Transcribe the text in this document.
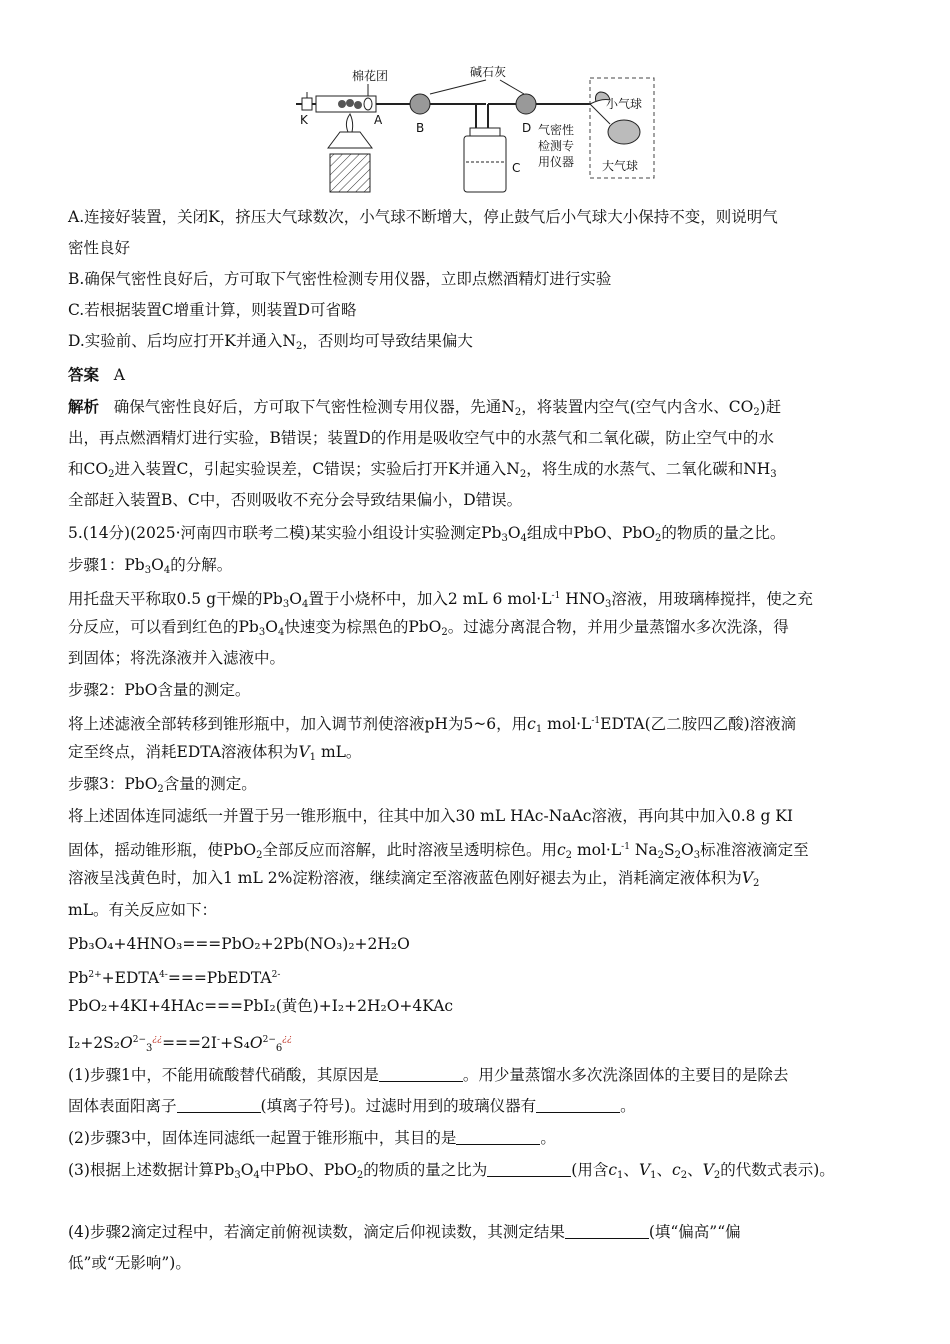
K
棉花团
A
B
C
碱石灰
D 气密性
检测专
用仪器
小气球
大气球
A.连接好装置，关闭K，挤压大气球数次，小气球不断增大，停止鼓气后小气球大小保持不变，则说明气
密性良好
B.确保气密性良好后，方可取下气密性检测专用仪器，立即点燃酒精灯进行实验
C.若根据装置C增重计算，则装置D可省略
D.实验前、后均应打开K并通入$N_2$，否则均可导致结果偏大
答案 A
解析 确保气密性良好后，方可取下气密性检测专用仪器，先通$N_2$，将装置内空气(空气内含水、$CO_2$)赶
出，再点燃酒精灯进行实验，B错误；装置D的作用是吸收空气中的水蒸气和二氧化碳，防止空气中的水
和$CO_2$进入装置C，引起实验误差，C错误；实验后打开K并通入$N_2$，将生成的水蒸气、二氧化碳和$NH_3$
全部赶入装置B、C中，否则吸收不充分会导致结果偏小，D错误。
5.(14分)(2025·河南四市联考二模)某实验小组设计实验测定$Pb_3O_4$组成中PbO、PbO$_2$的物质的量之比。
步骤1：$Pb_3O_4$的分解。
用托盘天平称取0.5 g干燥的$Pb_3O_4$置于小烧杯中，加入2 mL 6 $mol\cdot L^{-1}$ $HNO_3$溶液，用玻璃棒搅拌，使之充
分反应，可以看到红色的$Pb_3O_4$快速变为棕黑色的PbO$_2$。过滤分离混合物，并用少量蒸馏水多次洗涤，得
到固体；将洗涤液并入滤液中。
步骤2：PbO含量的测定。
将上述滤液全部转移到锥形瓶中，加入调节剂使溶液pH为5~6，用$c_1$ $mol\cdot L^{-1}EDTA$(乙二胺四乙酸)溶液滴
定至终点，消耗EDTA溶液体积为$V_1$ mL。
步骤3：PbO$_2$含量的测定。
将上述固体连同滤纸一并置于另一锥形瓶中，往其中加入30 mL HAc-NaAc溶液，再向其中加入0.8 g KI
固体，摇动锥形瓶，使PbO$_2$全部反应而溶解，此时溶液呈透明棕色。用$c_2$ $mol\cdot L^{-1}$ $Na_2S_2O_3$标准溶液滴定至
溶液呈浅黄色时，加入1 mL 2%淀粉溶液，继续滴定至溶液蓝色刚好褪去为止，消耗滴定液体积为$V_2$
mL。有关反应如下：
Pb₃O₄+4HNO₃===PbO₂+2Pb(NO₃)₂+2H₂O
$Pb^{2+}+EDTA^{4-}===PbEDTA^{2-}$
PbO₂+4KI+4HAc===PbI₂(黄色)+I₂+2H₂O+4KAc
$I_2+2S_2O^{2-}_3^{¿¿}===2I^-+S_4O^{2-}_6^{¿¿}$
(1)步骤1中，不能用硫酸替代硝酸，其原因是	。用少量蒸馏水多次洗涤固体的主要目的是除去
固体表面阳离子	(填离子符号)。过滤时用到的玻璃仪器有	。
(2)步骤3中，固体连同滤纸一起置于锥形瓶中，其目的是	。
(3)根据上述数据计算$Pb_3O_4$中PbO、PbO$_2$的物质的量之比为	(用含$c_1$、$V_1$、$c_2$、$V_2$的代数式表示)。
(4)步骤2滴定过程中，若滴定前俯视读数，滴定后仰视读数，其测定结果	(填“偏高”“偏
低”或“无影响”)。
